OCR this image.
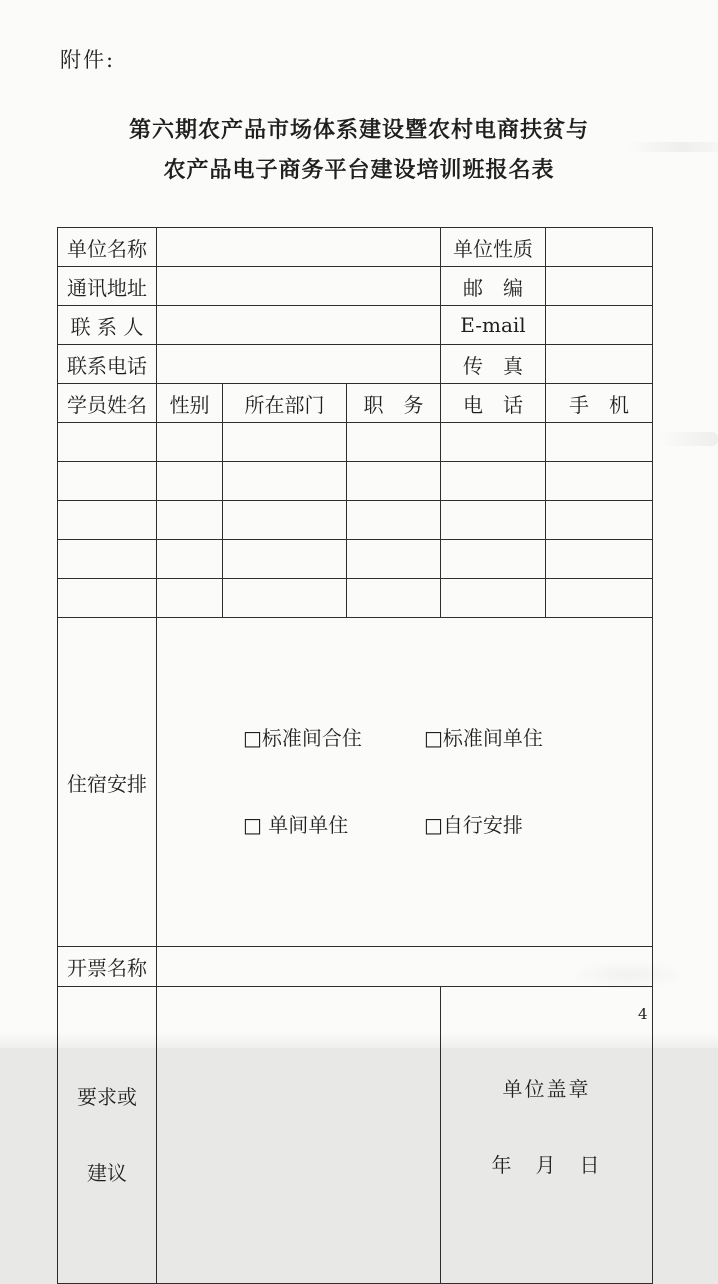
附件:
第六期农产品市场体系建设暨农村电商扶贫与
农产品电子商务平台建设培训班报名表
单位名称				单位性质	
通讯地址				邮　编	
联 系 人				E-mail	
联系电话				传　真	
学员姓名	性别	所在部门	职　务	电　话	手　机

住宿安排	□标准间合住 □标准间单住

□ 单间单住 □自行安排				

开票名称					

要求或

建议

单位盖章

年　月　日

4
